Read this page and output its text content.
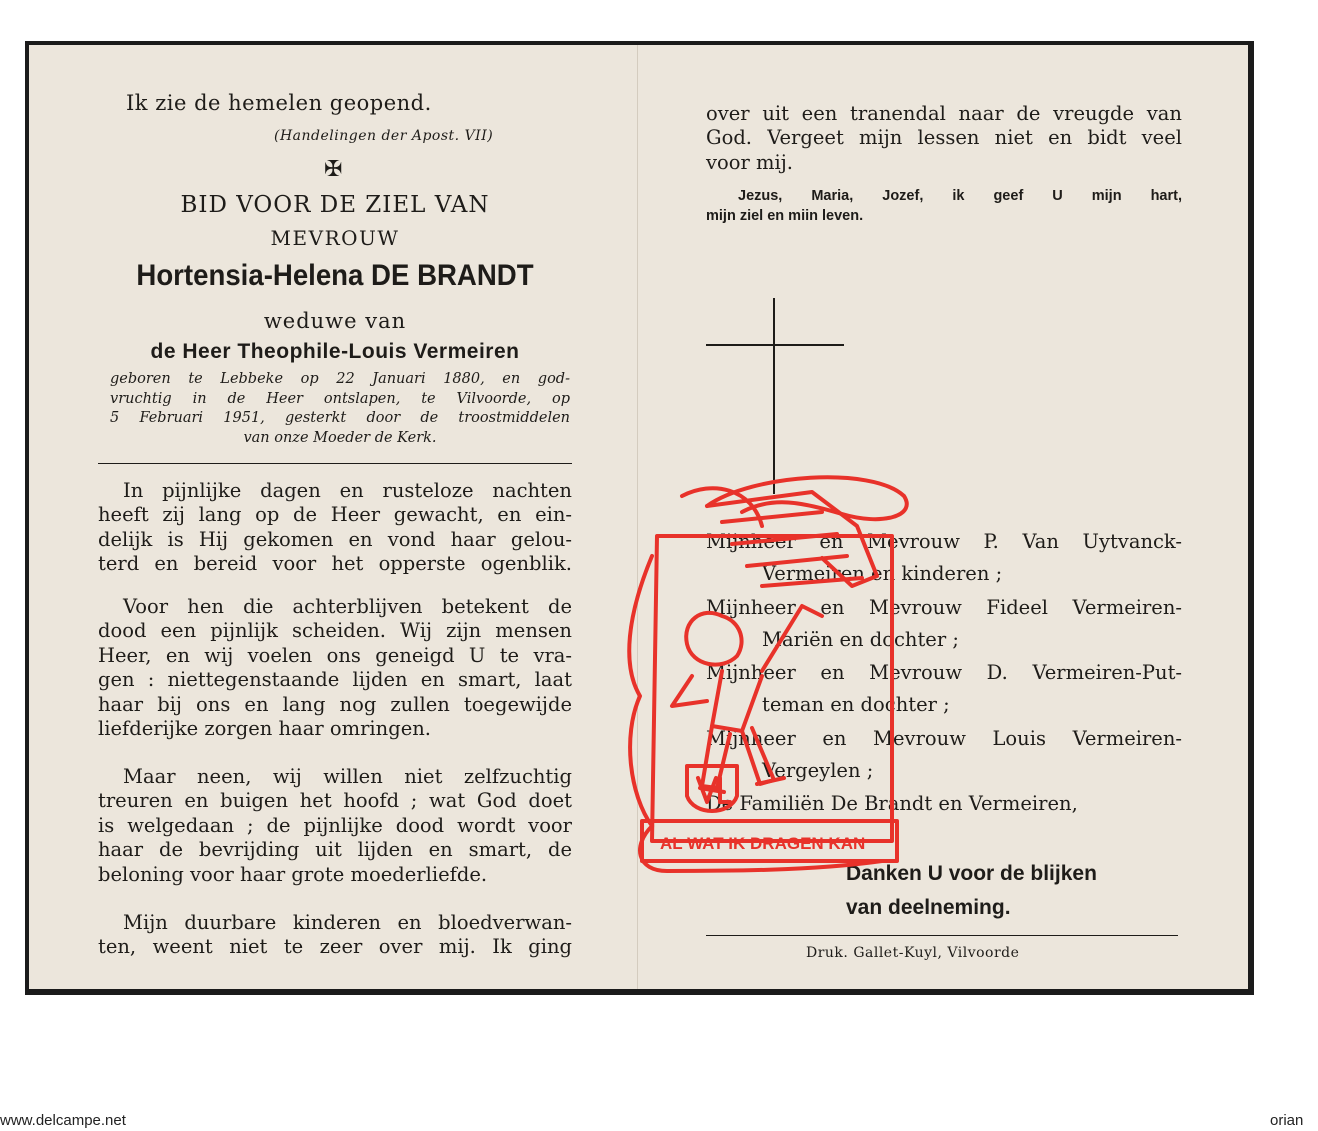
Ik zie de hemelen geopend.
(Handelingen der Apost. VII)
✠
BID VOOR DE ZIEL VAN
MEVROUW
Hortensia-Helena DE BRANDT
weduwe van
de Heer Theophile-Louis Vermeiren
geboren te Lebbeke op 22 Januari 1880, en god-
vruchtig in de Heer ontslapen, te Vilvoorde, op
5 Februari 1951, gesterkt door de troostmiddelen
van onze Moeder de Kerk.
In pijnlijke dagen en rusteloze nachten
heeft zij lang op de Heer gewacht, en ein-
delijk is Hij gekomen en vond haar gelou-
terd en bereid voor het opperste ogenblik.
Voor hen die achterblijven betekent de
dood een pijnlijk scheiden. Wij zijn mensen
Heer, en wij voelen ons geneigd U te vra-
gen : niettegenstaande lijden en smart, laat
haar bij ons en lang nog zullen toegewijde
liefderijke zorgen haar omringen.
Maar neen, wij willen niet zelfzuchtig
treuren en buigen het hoofd ; wat God doet
is welgedaan ; de pijnlijke dood wordt voor
haar de bevrijding uit lijden en smart, de
beloning voor haar grote moederliefde.
Mijn duurbare kinderen en bloedverwan-
ten, weent niet te zeer over mij. Ik ging
over uit een tranendal naar de vreugde van
God. Vergeet mijn lessen niet en bidt veel
voor mij.
Jezus, Maria, Jozef, ik geef U mijn hart,
mijn ziel en miin leven.
Mijnheer en Mevrouw P. Van Uytvanck-
Vermeiren en kinderen ;
Mijnheer en Mevrouw Fideel Vermeiren-
Mariën en dochter ;
Mijnheer en Mevrouw D. Vermeiren-Put-
teman en dochter ;
Mijnheer en Mevrouw Louis Vermeiren-
Vergeylen ;
De Familiën De Brandt en Vermeiren,
Danken U voor de blijken
van deelneming.
Druk. Gallet-Kuyl, Vilvoorde
AL WAT IK DRAGEN KAN
www.delcampe.net	orian
